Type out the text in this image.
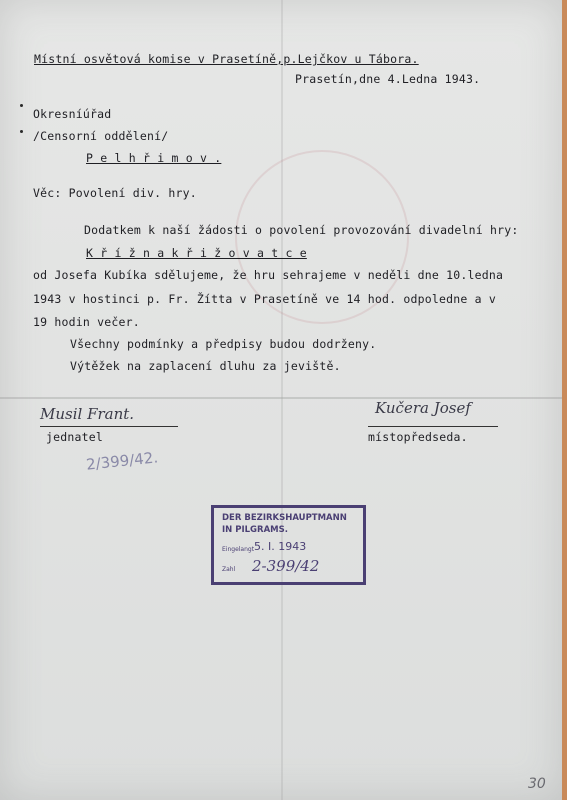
Místní osvětová komise v Prasetíně,p.Lejčkov u Tábora.
Prasetín,dne 4.Ledna 1943.
Okresníúřad
/Censorní oddělení/
P e l h ř i m o v .
Věc: Povolení div. hry.
Dodatkem k naší žádosti o povolení provozování divadelní hry:
K ř í ž n a k ř i ž o v a t c e
od Josefa Kubíka sdělujeme, že hru sehrajeme v neděli dne 10.ledna
1943 v hostinci p. Fr. Žítta v Prasetíně ve 14 hod. odpoledne a v
19 hodin večer.
Všechny podmínky a předpisy budou dodrženy.
Výtěžek na zaplacení dluhu za jeviště.
Musil Frant.
jednatel
Kučera Josef
místopředseda.
2/399/42.
DER BEZIRKSHAUPTMANN
IN PILGRAMS.
Eingelangt 5. I. 1943
Zahl 2-399/42
30
